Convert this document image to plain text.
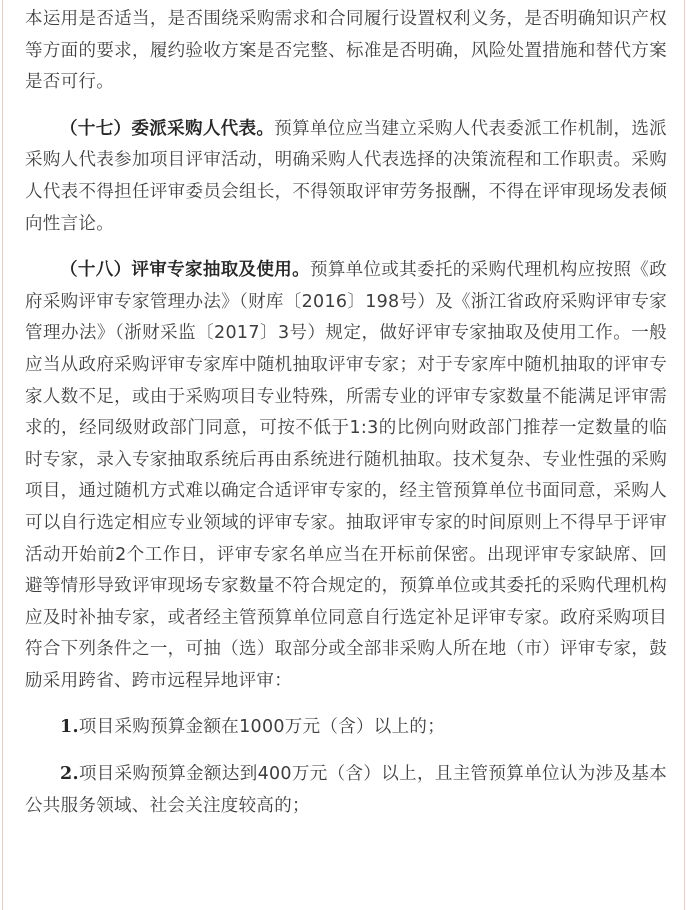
本运用是否适当，是否围绕采购需求和合同履行设置权利义务，是否明确知识产权等方面的要求，履约验收方案是否完整、标准是否明确，风险处置措施和替代方案是否可行。

（十七）委派采购人代表。预算单位应当建立采购人代表委派工作机制，选派采购人代表参加项目评审活动，明确采购人代表选择的决策流程和工作职责。采购人代表不得担任评审委员会组长，不得领取评审劳务报酬，不得在评审现场发表倾向性言论。

（十八）评审专家抽取及使用。预算单位或其委托的采购代理机构应按照《政府采购评审专家管理办法》（财库〔2016〕198号）及《浙江省政府采购评审专家管理办法》（浙财采监〔2017〕3号）规定，做好评审专家抽取及使用工作。一般应当从政府采购评审专家库中随机抽取评审专家；对于专家库中随机抽取的评审专家人数不足，或由于采购项目专业特殊，所需专业的评审专家数量不能满足评审需求的，经同级财政部门同意，可按不低于1:3的比例向财政部门推荐一定数量的临时专家，录入专家抽取系统后再由系统进行随机抽取。技术复杂、专业性强的采购项目，通过随机方式难以确定合适评审专家的，经主管预算单位书面同意，采购人可以自行选定相应专业领域的评审专家。抽取评审专家的时间原则上不得早于评审活动开始前2个工作日，评审专家名单应当在开标前保密。出现评审专家缺席、回避等情形导致评审现场专家数量不符合规定的，预算单位或其委托的采购代理机构应及时补抽专家，或者经主管预算单位同意自行选定补足评审专家。政府采购项目符合下列条件之一，可抽（选）取部分或全部非采购人所在地（市）评审专家，鼓励采用跨省、跨市远程异地评审：

1.项目采购预算金额在1000万元（含）以上的；

2.项目采购预算金额达到400万元（含）以上，且主管预算单位认为涉及基本公共服务领域、社会关注度较高的；
